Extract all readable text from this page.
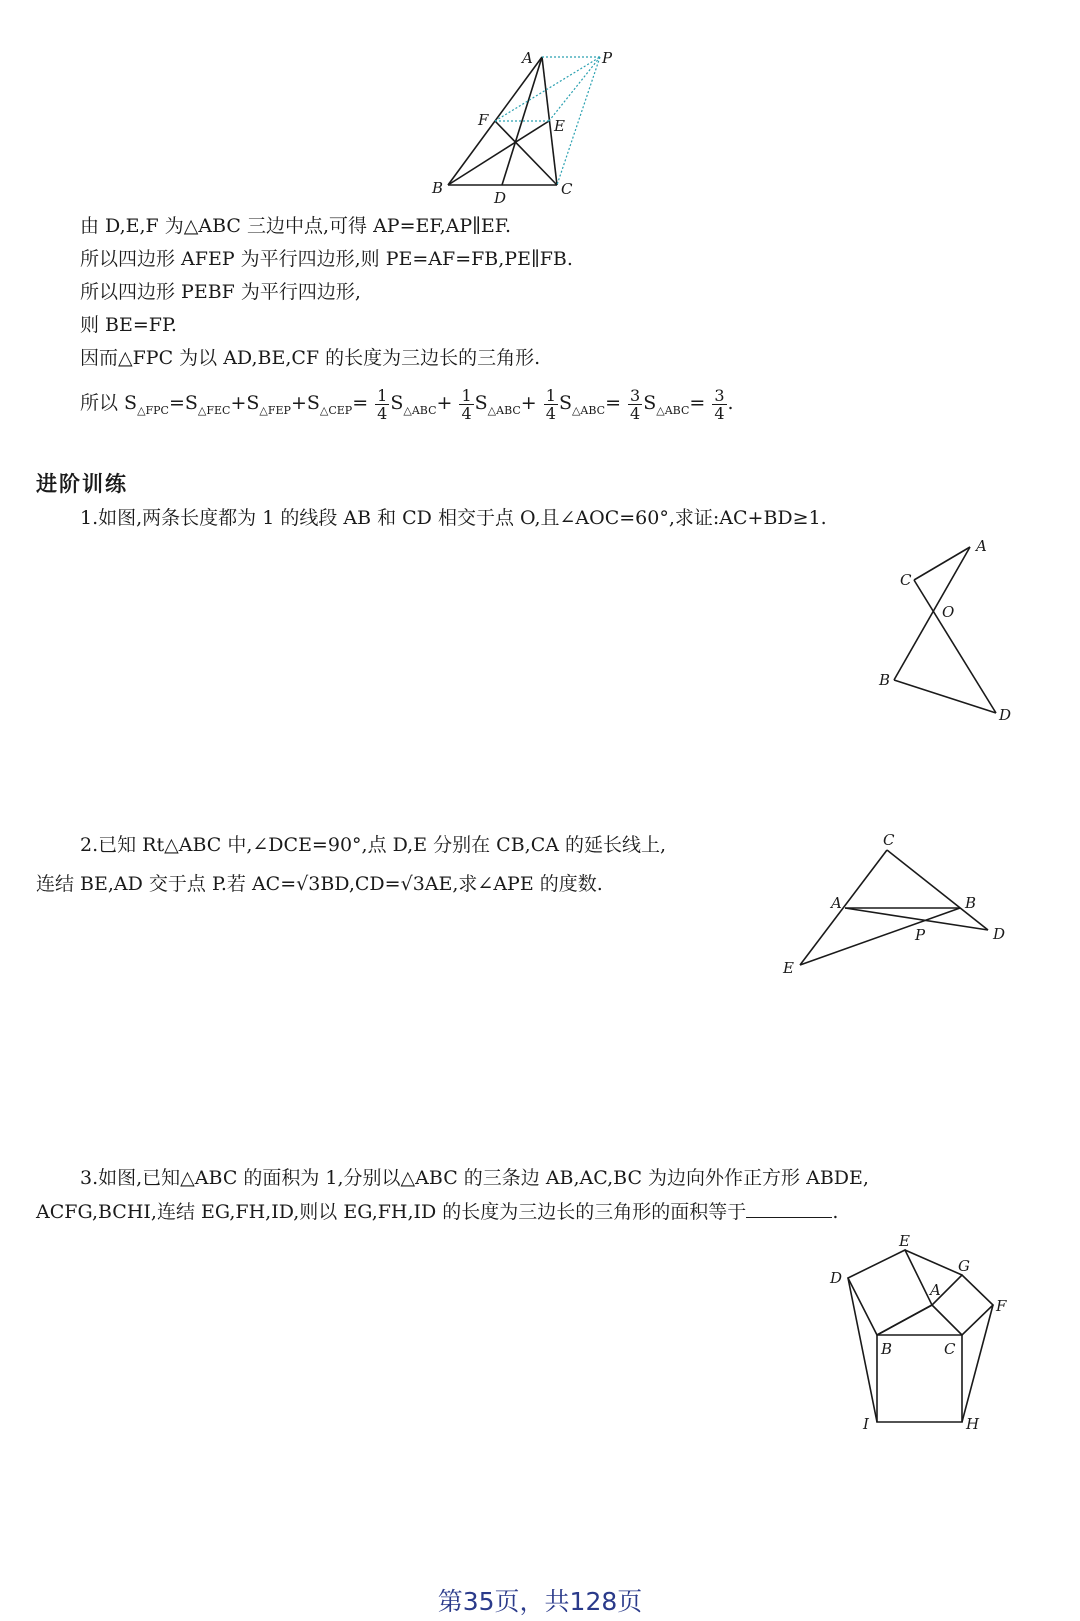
A	P
F	E
B
D	C
由 D,E,F 为△ABC 三边中点,可得 AP=EF,AP∥EF.
所以四边形 AFEP 为平行四边形,则 PE=AF=FB,PE∥FB.
所以四边形 PEBF 为平行四边形,
则 BE=FP.
因而△FPC 为以 AD,BE,CF 的长度为三边长的三角形.
所以 $S_{\triangle FPC}=S_{\triangle FEC}+S_{\triangle FEP}+S_{\triangle CEP}= \frac{1}{4} S_{\triangle ABC}+ \frac{1}{4} S_{\triangle ABC}+ \frac{1}{4} S_{\triangle ABC}= \frac{3}{4} S_{\triangle ABC}= \frac{3}{4}$ .
进阶训练
1.如图,两条长度都为 1 的线段 AB 和 CD 相交于点 O,且∠AOC=60°,求证:AC+BD≥1.
A
C
O
B
D
2.已知 Rt△ABC 中,∠DCE=90°,点 D,E 分别在 CB,CA 的延长线上,
连结 BE,AD 交于点 P.若 AC=√3BD,CD=√3AE,求∠APE 的度数.
C
A	B
P	D
E
3.如图,已知△ABC 的面积为 1,分别以△ABC 的三条边 AB,AC,BC 为边向外作正方形 ABDE,
ACFG,BCHI,连结 EG,FH,ID,则以 EG,FH,ID 的长度为三边长的三角形的面积等于	.
E
G
D
A
F
B	C
I	H
第35页，共128页
